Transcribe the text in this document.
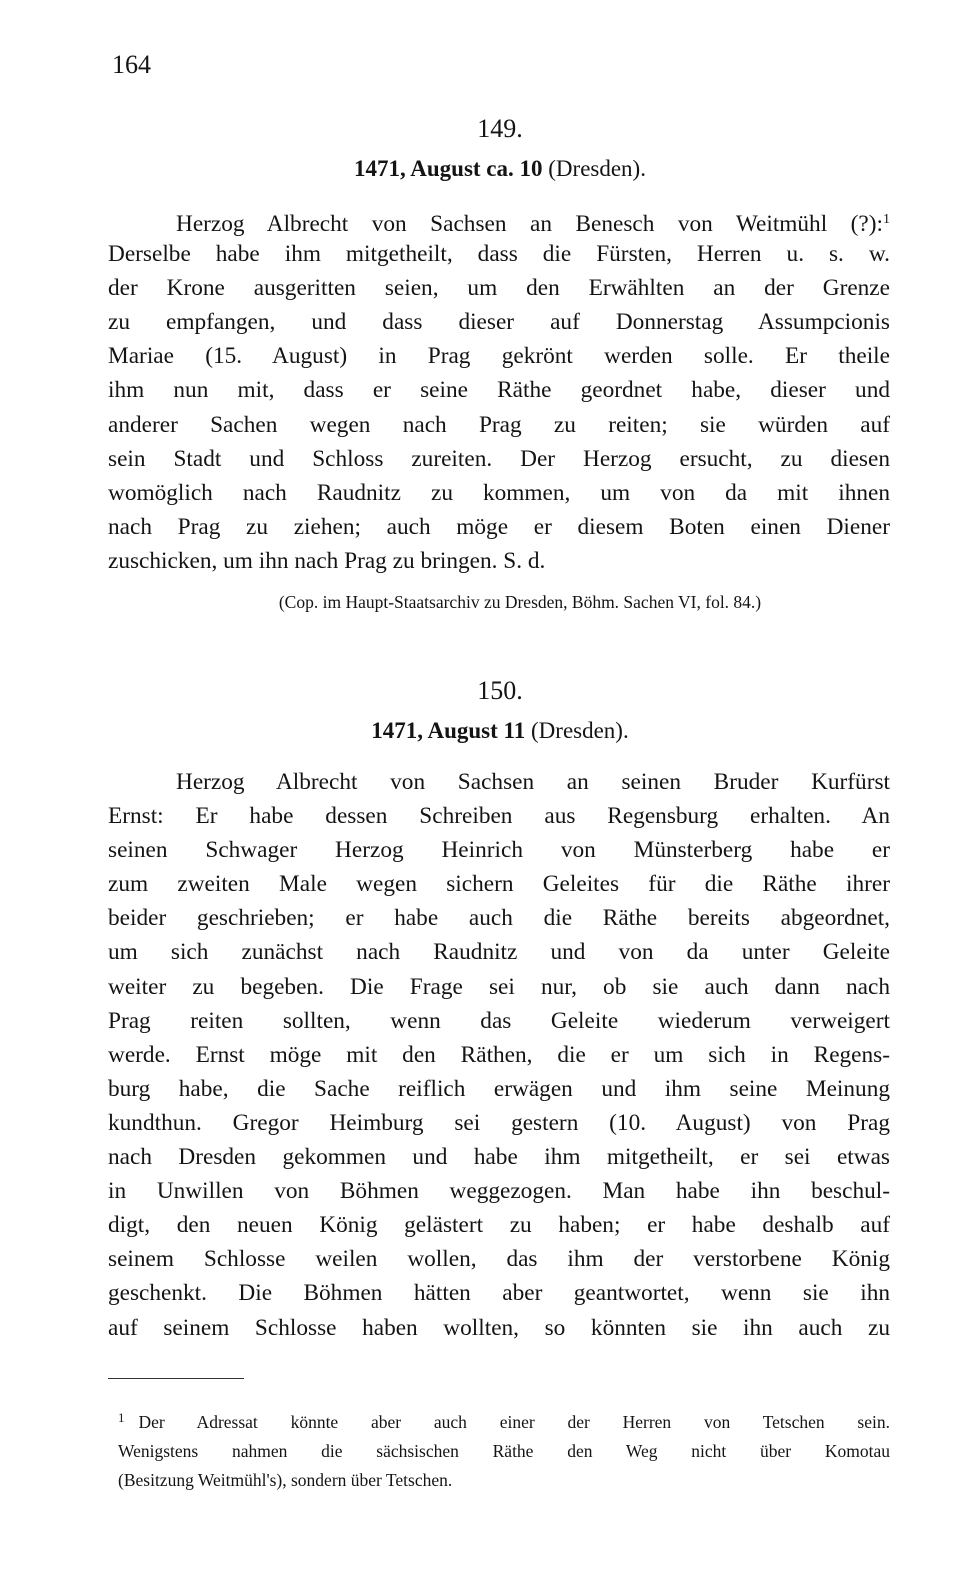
164
149.
1471, August ca. 10 (Dresden).
Herzog Albrecht von Sachsen an Benesch von Weitmühl (?):$^1$
Derselbe habe ihm mitgetheilt, dass die Fürsten, Herren u. s. w.
der Krone ausgeritten seien, um den Erwählten an der Grenze
zu empfangen, und dass dieser auf Donnerstag Assumpcionis
Mariae (15. August) in Prag gekrönt werden solle. Er theile
ihm nun mit, dass er seine Räthe geordnet habe, dieser und
anderer Sachen wegen nach Prag zu reiten; sie würden auf
sein Stadt und Schloss zureiten. Der Herzog ersucht, zu diesen
womöglich nach Raudnitz zu kommen, um von da mit ihnen
nach Prag zu ziehen; auch möge er diesem Boten einen Diener
zuschicken, um ihn nach Prag zu bringen. S. d.
(Cop. im Haupt-Staatsarchiv zu Dresden, Böhm. Sachen VI, fol. 84.)
150.
1471, August 11 (Dresden).
Herzog Albrecht von Sachsen an seinen Bruder Kurfürst
Ernst: Er habe dessen Schreiben aus Regensburg erhalten. An
seinen Schwager Herzog Heinrich von Münsterberg habe er
zum zweiten Male wegen sichern Geleites für die Räthe ihrer
beider geschrieben; er habe auch die Räthe bereits abgeordnet,
um sich zunächst nach Raudnitz und von da unter Geleite
weiter zu begeben. Die Frage sei nur, ob sie auch dann nach
Prag reiten sollten, wenn das Geleite wiederum verweigert
werde. Ernst möge mit den Räthen, die er um sich in Regens-
burg habe, die Sache reiflich erwägen und ihm seine Meinung
kundthun. Gregor Heimburg sei gestern (10. August) von Prag
nach Dresden gekommen und habe ihm mitgetheilt, er sei etwas
in Unwillen von Böhmen weggezogen. Man habe ihn beschul-
digt, den neuen König gelästert zu haben; er habe deshalb auf
seinem Schlosse weilen wollen, das ihm der verstorbene König
geschenkt. Die Böhmen hätten aber geantwortet, wenn sie ihn
auf seinem Schlosse haben wollten, so könnten sie ihn auch zu
$^1$ Der Adressat könnte aber auch einer der Herren von Tetschen sein.
Wenigstens nahmen die sächsischen Räthe den Weg nicht über Komotau
(Besitzung Weitmühl's), sondern über Tetschen.
